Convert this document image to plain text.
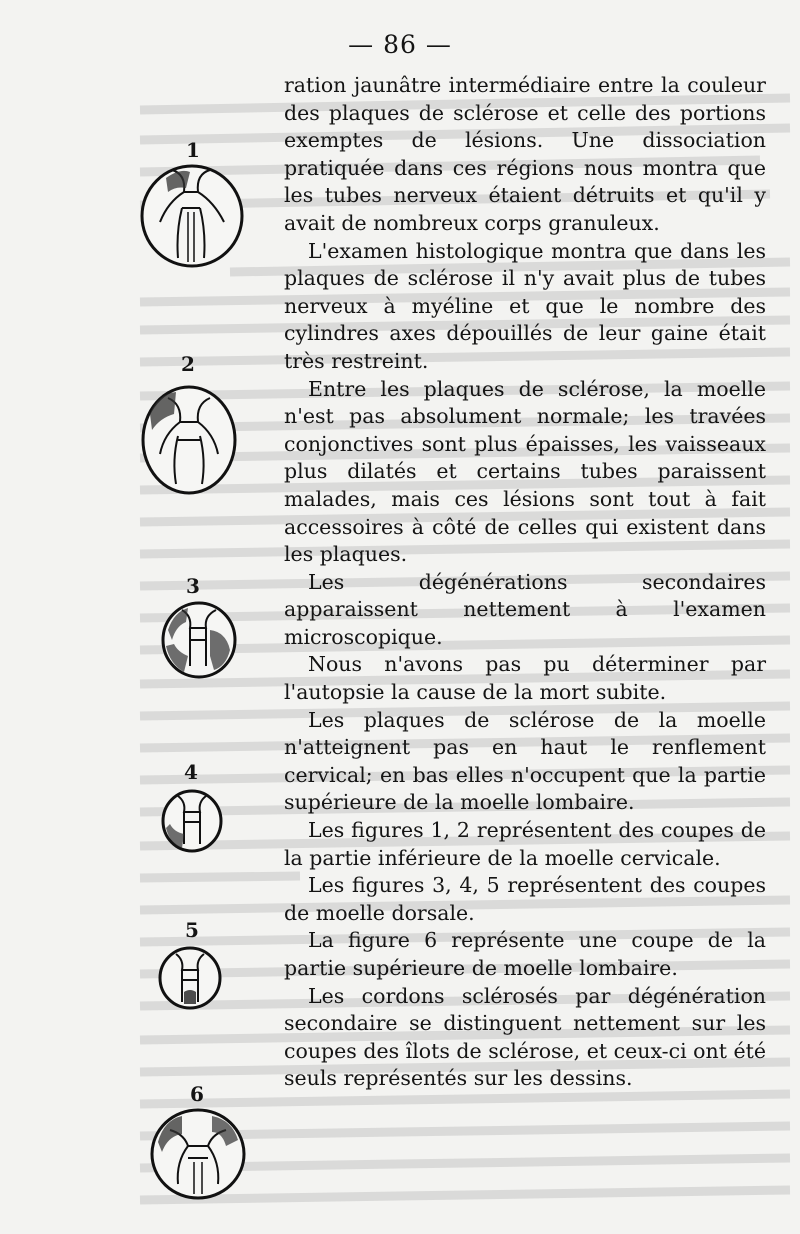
— 86 —
1
2
3
4
5
6

ration jaunâtre intermédiaire entre la couleur des plaques de sclérose et celle des portions exemptes de lésions. Une dissociation pratiquée dans ces régions nous montra que les tubes nerveux étaient détruits et qu'il y avait de nombreux corps granuleux.

L'examen histologique montra que dans les plaques de sclérose il n'y avait plus de tubes nerveux à myéline et que le nombre des cylindres axes dépouillés de leur gaine était très restreint.

Entre les plaques de sclérose, la moelle n'est pas absolument normale; les travées conjonctives sont plus épaisses, les vaisseaux plus dilatés et certains tubes paraissent malades, mais ces lésions sont tout à fait accessoires à côté de celles qui existent dans les plaques.

Les dégénérations secondaires apparaissent nettement à l'examen microscopique.

Nous n'avons pas pu déterminer par l'autopsie la cause de la mort subite.

Les plaques de sclérose de la moelle n'atteignent pas en haut le renflement cervical; en bas elles n'occupent que la partie supérieure de la moelle lombaire.

Les figures 1, 2 représentent des coupes de la partie inférieure de la moelle cervicale.

Les figures 3, 4, 5 représentent des coupes de moelle dorsale.

La figure 6 représente une coupe de la partie supérieure de moelle lombaire.

Les cordons sclérosés par dégénération secondaire se distinguent nettement sur les coupes des îlots de sclérose, et ceux-ci ont été seuls représentés sur les dessins.
